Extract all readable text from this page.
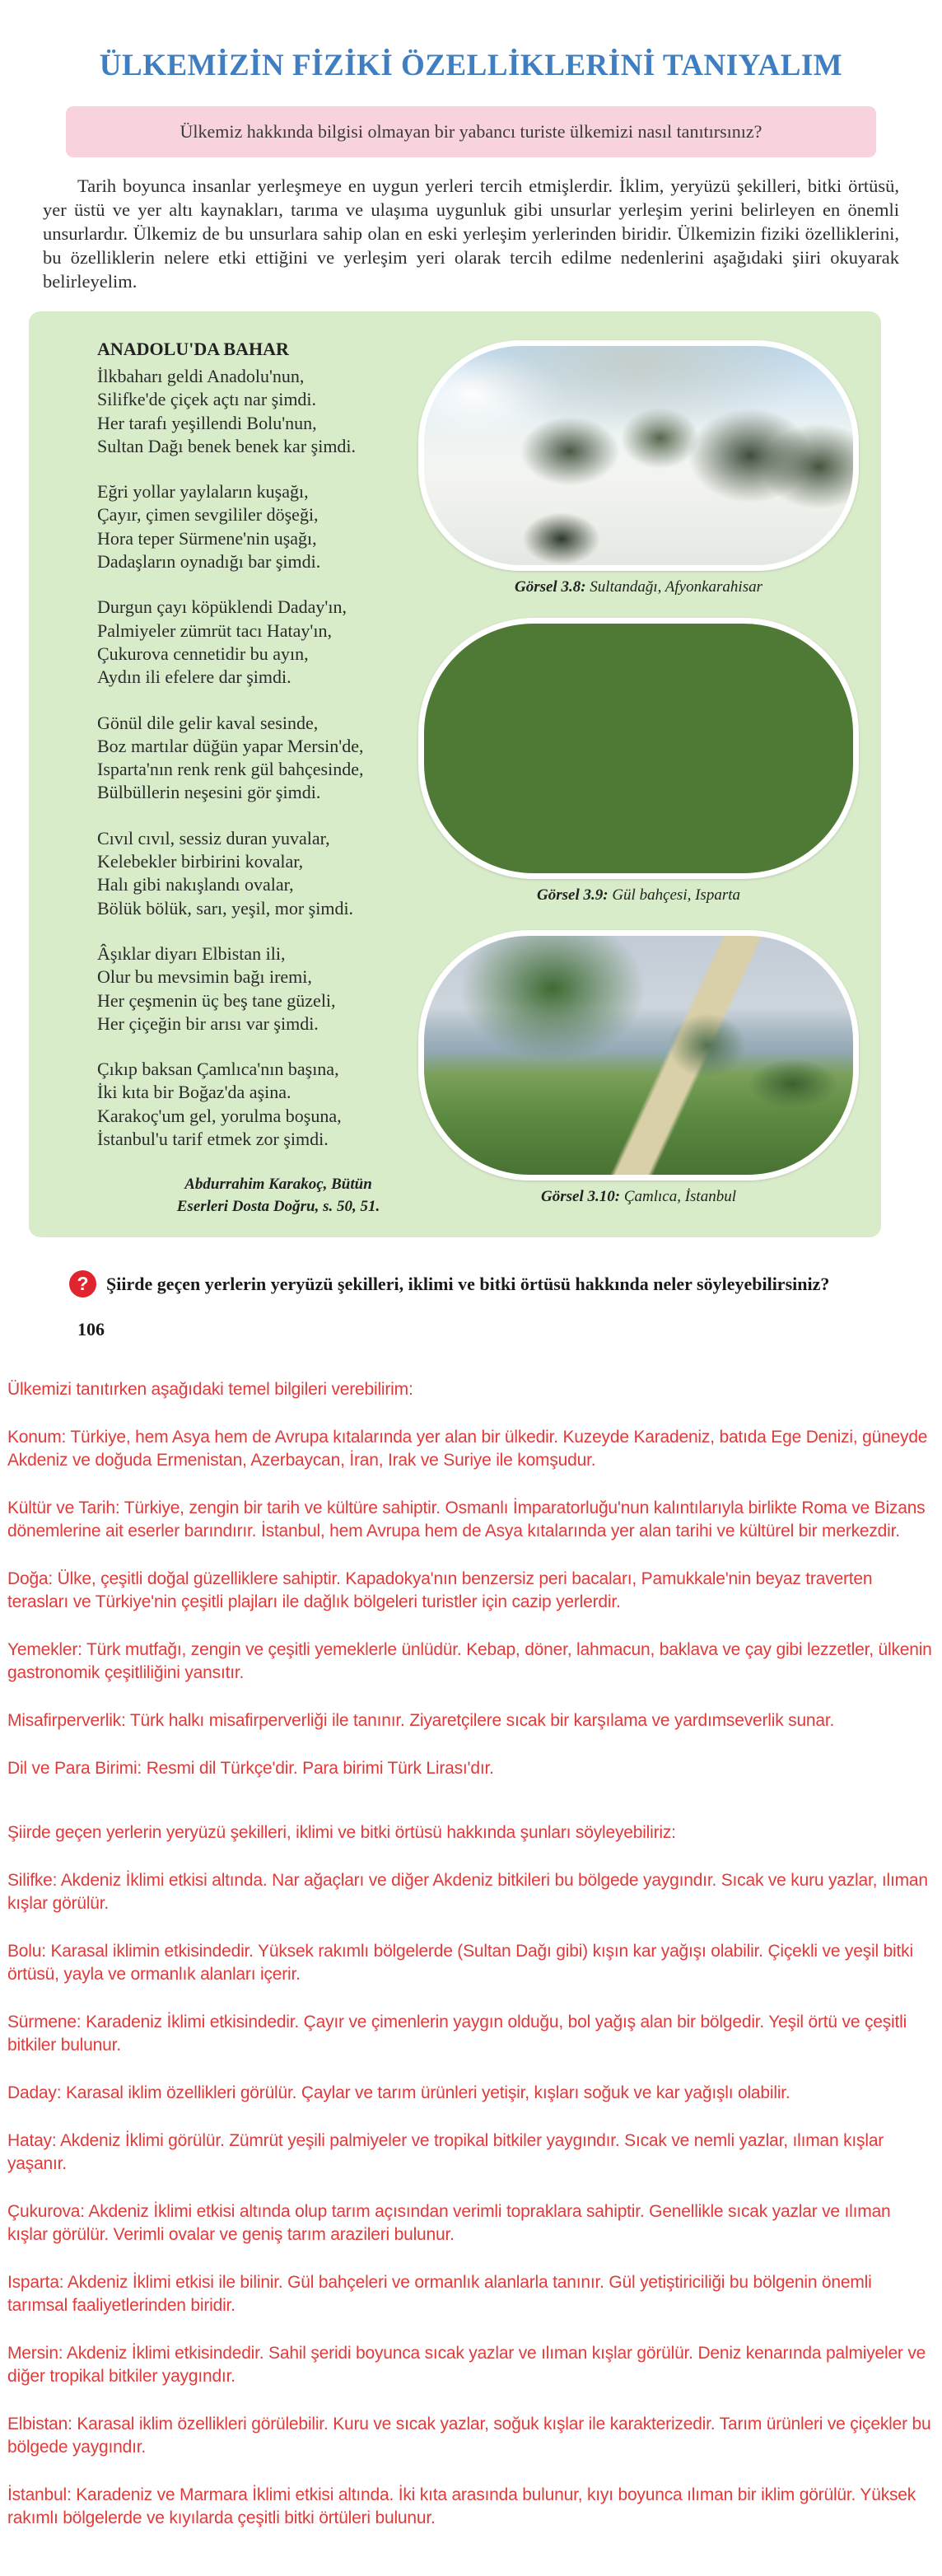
ÜLKEMİZİN FİZİKİ ÖZELLİKLERİNİ TANIYALIM
Ülkemiz hakkında bilgisi olmayan bir yabancı turiste ülkemizi nasıl tanıtırsınız?

Tarih boyunca insanlar yerleşmeye en uygun yerleri tercih etmişlerdir. İklim, yeryüzü şekilleri, bitki örtüsü, yer üstü ve yer altı kaynakları, tarıma ve ulaşıma uygunluk gibi unsurlar yerleşim yerini belirleyen en önemli unsurlardır. Ülkemiz de bu unsurlara sahip olan en eski yerleşim yerlerinden biridir. Ülkemizin fiziki özelliklerini, bu özelliklerin nelere etki ettiğini ve yerleşim yeri olarak tercih edilme nedenlerini aşağıdaki şiiri okuyarak belirleyelim.

ANADOLU'DA BAHAR
İlkbaharı geldi Anadolu'nun,
Silifke'de çiçek açtı nar şimdi.
Her tarafı yeşillendi Bolu'nun,
Sultan Dağı benek benek kar şimdi.
Eğri yollar yaylaların kuşağı,
Çayır, çimen sevgililer döşeği,
Hora teper Sürmene'nin uşağı,
Dadaşların oynadığı bar şimdi.
Durgun çayı köpüklendi Daday'ın,
Palmiyeler zümrüt tacı Hatay'ın,
Çukurova cennetidir bu ayın,
Aydın ili efelere dar şimdi.
Gönül dile gelir kaval sesinde,
Boz martılar düğün yapar Mersin'de,
Isparta'nın renk renk gül bahçesinde,
Bülbüllerin neşesini gör şimdi.
Cıvıl cıvıl, sessiz duran yuvalar,
Kelebekler birbirini kovalar,
Halı gibi nakışlandı ovalar,
Bölük bölük, sarı, yeşil, mor şimdi.
Âşıklar diyarı Elbistan ili,
Olur bu mevsimin bağı iremi,
Her çeşmenin üç beş tane güzeli,
Her çiçeğin bir arısı var şimdi.
Çıkıp baksan Çamlıca'nın başına,
İki kıta bir Boğaz'da aşina.
Karakoç'um gel, yorulma boşuna,
İstanbul'u tarif etmek zor şimdi.
Abdurrahim Karakoç, Bütün
Eserleri Dosta Doğru, s. 50, 51.
Görsel 3.8: Sultandağı, Afyonkarahisar
Görsel 3.9: Gül bahçesi, Isparta
Görsel 3.10: Çamlıca, İstanbul
? Şiirde geçen yerlerin yeryüzü şekilleri, iklimi ve bitki örtüsü hakkında neler söyleyebilirsiniz?
106

Ülkemizi tanıtırken aşağıdaki temel bilgileri verebilirim:

Konum: Türkiye, hem Asya hem de Avrupa kıtalarında yer alan bir ülkedir. Kuzeyde Karadeniz, batıda Ege Denizi, güneyde Akdeniz ve doğuda Ermenistan, Azerbaycan, İran, Irak ve Suriye ile komşudur.
Kültür ve Tarih: Türkiye, zengin bir tarih ve kültüre sahiptir. Osmanlı İmparatorluğu'nun kalıntılarıyla birlikte Roma ve Bizans dönemlerine ait eserler barındırır. İstanbul, hem Avrupa hem de Asya kıtalarında yer alan tarihi ve kültürel bir merkezdir.
Doğa: Ülke, çeşitli doğal güzelliklere sahiptir. Kapadokya'nın benzersiz peri bacaları, Pamukkale'nin beyaz traverten terasları ve Türkiye'nin çeşitli plajları ile dağlık bölgeleri turistler için cazip yerlerdir.
Yemekler: Türk mutfağı, zengin ve çeşitli yemeklerle ünlüdür. Kebap, döner, lahmacun, baklava ve çay gibi lezzetler, ülkenin gastronomik çeşitliliğini yansıtır.
Misafirperverlik: Türk halkı misafirperverliği ile tanınır. Ziyaretçilere sıcak bir karşılama ve yardımseverlik sunar.
Dil ve Para Birimi: Resmi dil Türkçe'dir. Para birimi Türk Lirası'dır.

Şiirde geçen yerlerin yeryüzü şekilleri, iklimi ve bitki örtüsü hakkında şunları söyleyebiliriz:

Silifke: Akdeniz İklimi etkisi altında. Nar ağaçları ve diğer Akdeniz bitkileri bu bölgede yaygındır. Sıcak ve kuru yazlar, ılıman kışlar görülür.
Bolu: Karasal iklimin etkisindedir. Yüksek rakımlı bölgelerde (Sultan Dağı gibi) kışın kar yağışı olabilir. Çiçekli ve yeşil bitki örtüsü, yayla ve ormanlık alanları içerir.
Sürmene: Karadeniz İklimi etkisindedir. Çayır ve çimenlerin yaygın olduğu, bol yağış alan bir bölgedir. Yeşil örtü ve çeşitli bitkiler bulunur.
Daday: Karasal iklim özellikleri görülür. Çaylar ve tarım ürünleri yetişir, kışları soğuk ve kar yağışlı olabilir.
Hatay: Akdeniz İklimi görülür. Zümrüt yeşili palmiyeler ve tropikal bitkiler yaygındır. Sıcak ve nemli yazlar, ılıman kışlar yaşanır.
Çukurova: Akdeniz İklimi etkisi altında olup tarım açısından verimli topraklara sahiptir. Genellikle sıcak yazlar ve ılıman kışlar görülür. Verimli ovalar ve geniş tarım arazileri bulunur.
Isparta: Akdeniz İklimi etkisi ile bilinir. Gül bahçeleri ve ormanlık alanlarla tanınır. Gül yetiştiriciliği bu bölgenin önemli tarımsal faaliyetlerinden biridir.
Mersin: Akdeniz İklimi etkisindedir. Sahil şeridi boyunca sıcak yazlar ve ılıman kışlar görülür. Deniz kenarında palmiyeler ve diğer tropikal bitkiler yaygındır.
Elbistan: Karasal iklim özellikleri görülebilir. Kuru ve sıcak yazlar, soğuk kışlar ile karakterizedir. Tarım ürünleri ve çiçekler bu bölgede yaygındır.
İstanbul: Karadeniz ve Marmara İklimi etkisi altında. İki kıta arasında bulunur, kıyı boyunca ılıman bir iklim görülür. Yüksek rakımlı bölgelerde ve kıyılarda çeşitli bitki örtüleri bulunur.
